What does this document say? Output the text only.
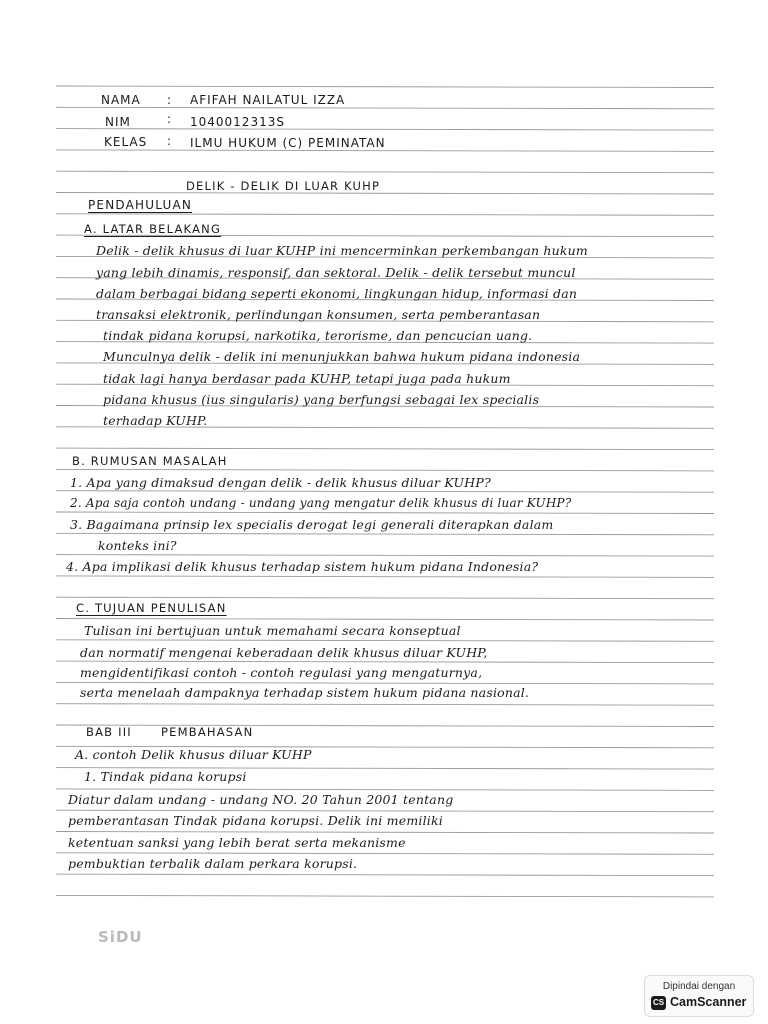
NAMA : AFIFAH NAILATUL IZZA
NIM	: 1040012313S
KELAS : ILMU HUKUM (C) PEMINATAN
DELIK - DELIK DI LUAR KUHP
PENDAHULUAN
A. LATAR BELAKANG
Delik - delik khusus di luar KUHP ini mencerminkan perkembangan hukum
yang lebih dinamis, responsif, dan sektoral. Delik - delik tersebut muncul
dalam berbagai bidang seperti ekonomi, lingkungan hidup, informasi dan
transaksi elektronik, perlindungan konsumen, serta pemberantasan
tindak pidana korupsi, narkotika, terorisme, dan pencucian uang.
Munculnya delik - delik ini menunjukkan bahwa hukum pidana indonesia
tidak lagi hanya berdasar pada KUHP, tetapi juga pada hukum
pidana khusus (ius singularis) yang berfungsi sebagai lex specialis
terhadap KUHP.
B. RUMUSAN MASALAH
1. Apa yang dimaksud dengan delik - delik khusus diluar KUHP?
2. Apa saja contoh undang - undang yang mengatur delik khusus di luar KUHP?
3. Bagaimana prinsip lex specialis derogat legi generali diterapkan dalam
konteks ini?
4. Apa implikasi delik khusus terhadap sistem hukum pidana Indonesia?
C. TUJUAN PENULISAN
Tulisan ini bertujuan untuk memahami secara konseptual
dan normatif mengenai keberadaan delik khusus diluar KUHP,
mengidentifikasi contoh - contoh regulasi yang mengaturnya,
serta menelaah dampaknya terhadap sistem hukum pidana nasional.
BAB III      PEMBAHASAN
A. contoh Delik khusus diluar KUHP
1. Tindak pidana korupsi
Diatur dalam undang - undang NO. 20 Tahun 2001 tentang
pemberantasan Tindak pidana korupsi. Delik ini memiliki
ketentuan sanksi yang lebih berat serta mekanisme
pembuktian terbalik dalam perkara korupsi.
SiDU
Dipindai dengan
CS CamScanner
